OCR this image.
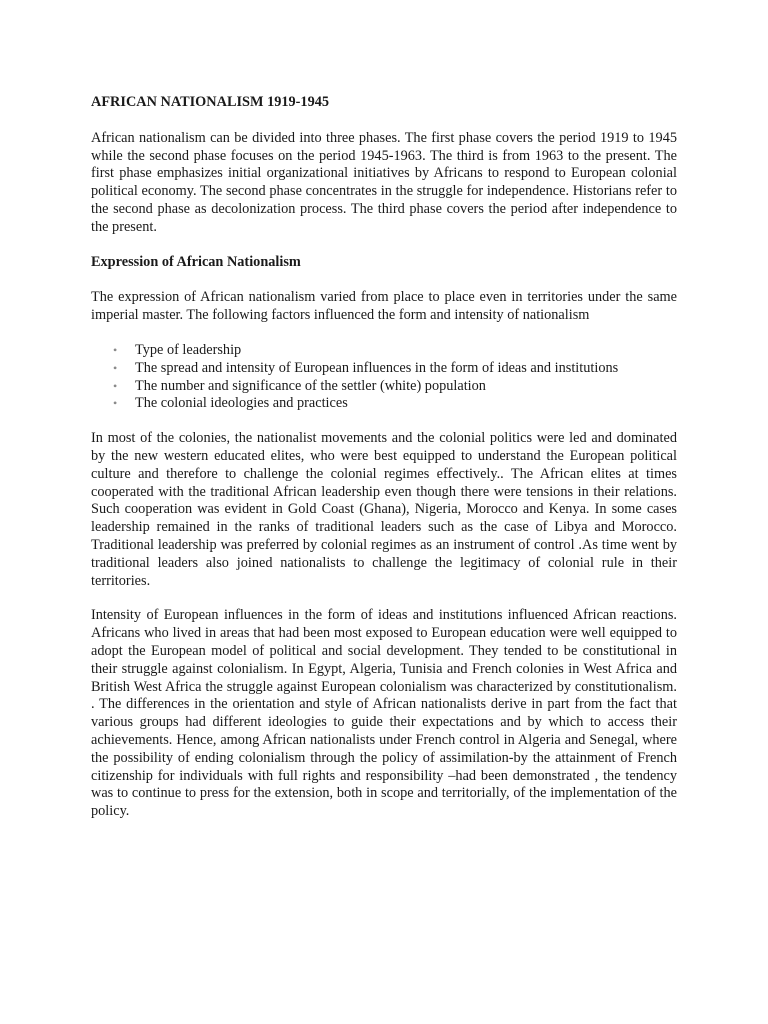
AFRICAN NATIONALISM 1919-1945

African nationalism can be divided into three phases. The first phase covers the period 1919 to 1945 while the second phase focuses on the period 1945-1963. The third is from 1963 to the present. The first phase emphasizes initial organizational initiatives by Africans to respond to European colonial political economy. The second phase concentrates in the struggle for independence. Historians refer to the second phase as decolonization process. The third phase covers the period after independence to the present.

Expression of African Nationalism

The expression of African nationalism varied from place to place even in territories under the same imperial master. The following factors influenced the form and intensity of nationalism

• Type of leadership
• The spread and intensity of European influences in the form of ideas and institutions
• The number and significance of the settler (white) population
• The colonial ideologies and practices

In most of the colonies, the nationalist movements and the colonial politics were led and dominated by the new western educated elites, who were best equipped to understand the European political culture and therefore to challenge the colonial regimes effectively.. The African elites at times cooperated with the traditional African leadership even though there were tensions in their relations. Such cooperation was evident in Gold Coast (Ghana), Nigeria, Morocco and Kenya. In some cases leadership remained in the ranks of traditional leaders such as the case of Libya and Morocco. Traditional leadership was preferred by colonial regimes as an instrument of control .As time went by traditional leaders also joined nationalists to challenge the legitimacy of colonial rule in their territories.

Intensity of European influences in the form of ideas and institutions influenced African reactions. Africans who lived in areas that had been most exposed to European education were well equipped to adopt the European model of political and social development. They tended to be constitutional in their struggle against colonialism. In Egypt, Algeria, Tunisia and French colonies in West Africa and British West Africa the struggle against European colonialism was characterized by constitutionalism. . The differences in the orientation and style of African nationalists derive in part from the fact that various groups had different ideologies to guide their expectations and by which to access their achievements. Hence, among African nationalists under French control in Algeria and Senegal, where the possibility of ending colonialism through the policy of assimilation-by the attainment of French citizenship for individuals with full rights and responsibility –had been demonstrated , the tendency was to continue to press for the extension, both in scope and territorially, of the implementation of the policy.
